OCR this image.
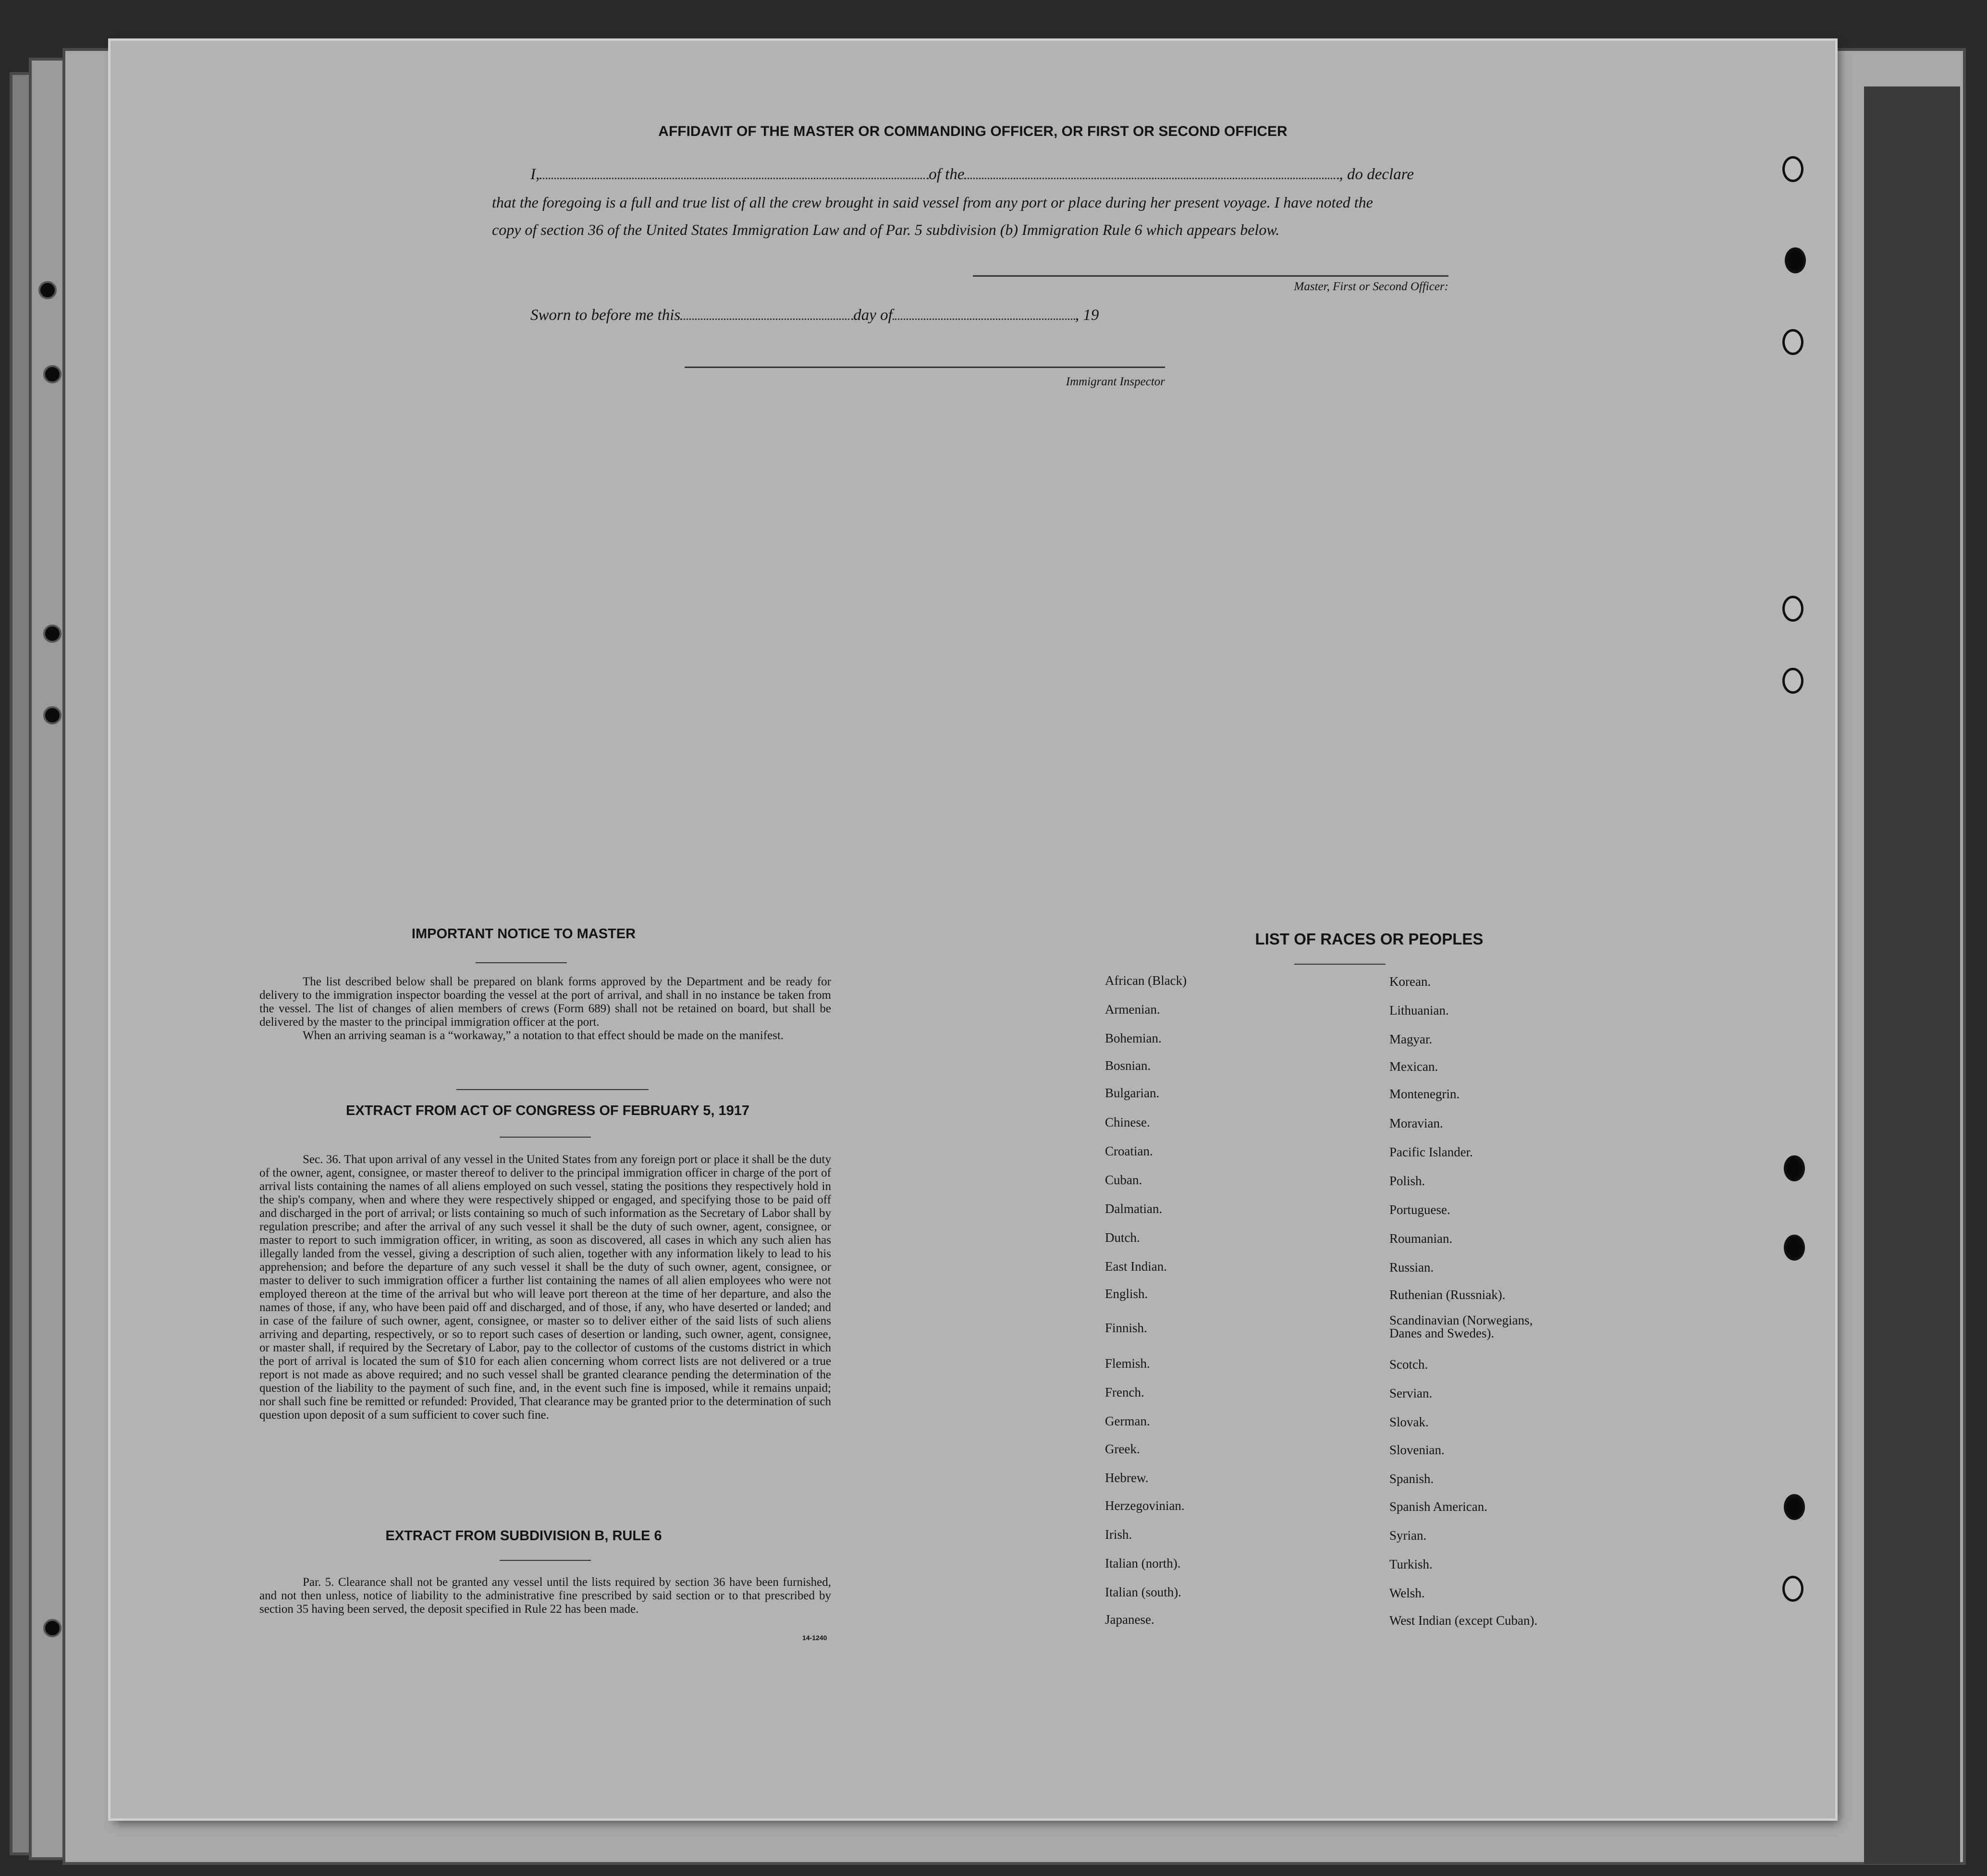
AFFIDAVIT OF THE MASTER OR COMMANDING OFFICER, OR FIRST OR SECOND OFFICER
I,	of the	, do declare
that the foregoing is a full and true list of all the crew brought in said vessel from any port or place during her present voyage. I have noted the
copy of section 36 of the United States Immigration Law and of Par. 5 subdivision (b) Immigration Rule 6 which appears below.
Master, First or Second Officer:
Sworn to before me this	day of	, 19
Immigrant Inspector
IMPORTANT NOTICE TO MASTER

The list described below shall be prepared on blank forms approved by the Department and be ready for delivery to the immigration inspector boarding the vessel at the port of arrival, and shall in no instance be taken from the vessel. The list of changes of alien members of crews (Form 689) shall not be retained on board, but shall be delivered by the master to the principal immigration officer at the port.

When an arriving seaman is a “workaway,” a notation to that effect should be made on the manifest.

EXTRACT FROM ACT OF CONGRESS OF FEBRUARY 5, 1917

Sec. 36. That upon arrival of any vessel in the United States from any foreign port or place it shall be the duty of the owner, agent, consignee, or master thereof to deliver to the principal immigration officer in charge of the port of arrival lists containing the names of all aliens employed on such vessel, stating the positions they respectively hold in the ship's company, when and where they were respectively shipped or engaged, and specifying those to be paid off and discharged in the port of arrival; or lists containing so much of such information as the Secretary of Labor shall by regulation prescribe; and after the arrival of any such vessel it shall be the duty of such owner, agent, consignee, or master to report to such immigration officer, in writing, as soon as discovered, all cases in which any such alien has illegally landed from the vessel, giving a description of such alien, together with any information likely to lead to his apprehension; and before the departure of any such vessel it shall be the duty of such owner, agent, consignee, or master to deliver to such immigration officer a further list containing the names of all alien employees who were not employed thereon at the time of the arrival but who will leave port thereon at the time of her departure, and also the names of those, if any, who have been paid off and discharged, and of those, if any, who have deserted or landed; and in case of the failure of such owner, agent, consignee, or master so to deliver either of the said lists of such aliens arriving and departing, respectively, or so to report such cases of desertion or landing, such owner, agent, consignee, or master shall, if required by the Secretary of Labor, pay to the collector of customs of the customs district in which the port of arrival is located the sum of $10 for each alien concerning whom correct lists are not delivered or a true report is not made as above required; and no such vessel shall be granted clearance pending the determination of the question of the liability to the payment of such fine, and, in the event such fine is imposed, while it remains unpaid; nor shall such fine be remitted or refunded: Provided, That clearance may be granted prior to the determination of such question upon deposit of a sum sufficient to cover such fine.

EXTRACT FROM SUBDIVISION B, RULE 6

Par. 5. Clearance shall not be granted any vessel until the lists required by section 36 have been furnished, and not then unless, notice of liability to the administrative fine prescribed by said section or to that prescribed by section 35 having been served, the deposit specified in Rule 22 has been made.

14-1240
LIST OF RACES OR PEOPLES
African (Black)
Armenian.
Bohemian.
Bosnian.
Bulgarian.
Chinese.
Croatian.
Cuban.
Dalmatian.
Dutch.
East Indian.
English.
Finnish.
Flemish.
French.
German.
Greek.
Hebrew.
Herzegovinian.
Irish.
Italian (north).
Italian (south).
Japanese.
Korean.
Lithuanian.
Magyar.
Mexican.
Montenegrin.
Moravian.
Pacific Islander.
Polish.
Portuguese.
Roumanian.
Russian.
Ruthenian (Russniak).
Scandinavian (Norwegians,
Danes and Swedes).
Scotch.
Servian.
Slovak.
Slovenian.
Spanish.
Spanish American.
Syrian.
Turkish.
Welsh.
West Indian (except Cuban).
